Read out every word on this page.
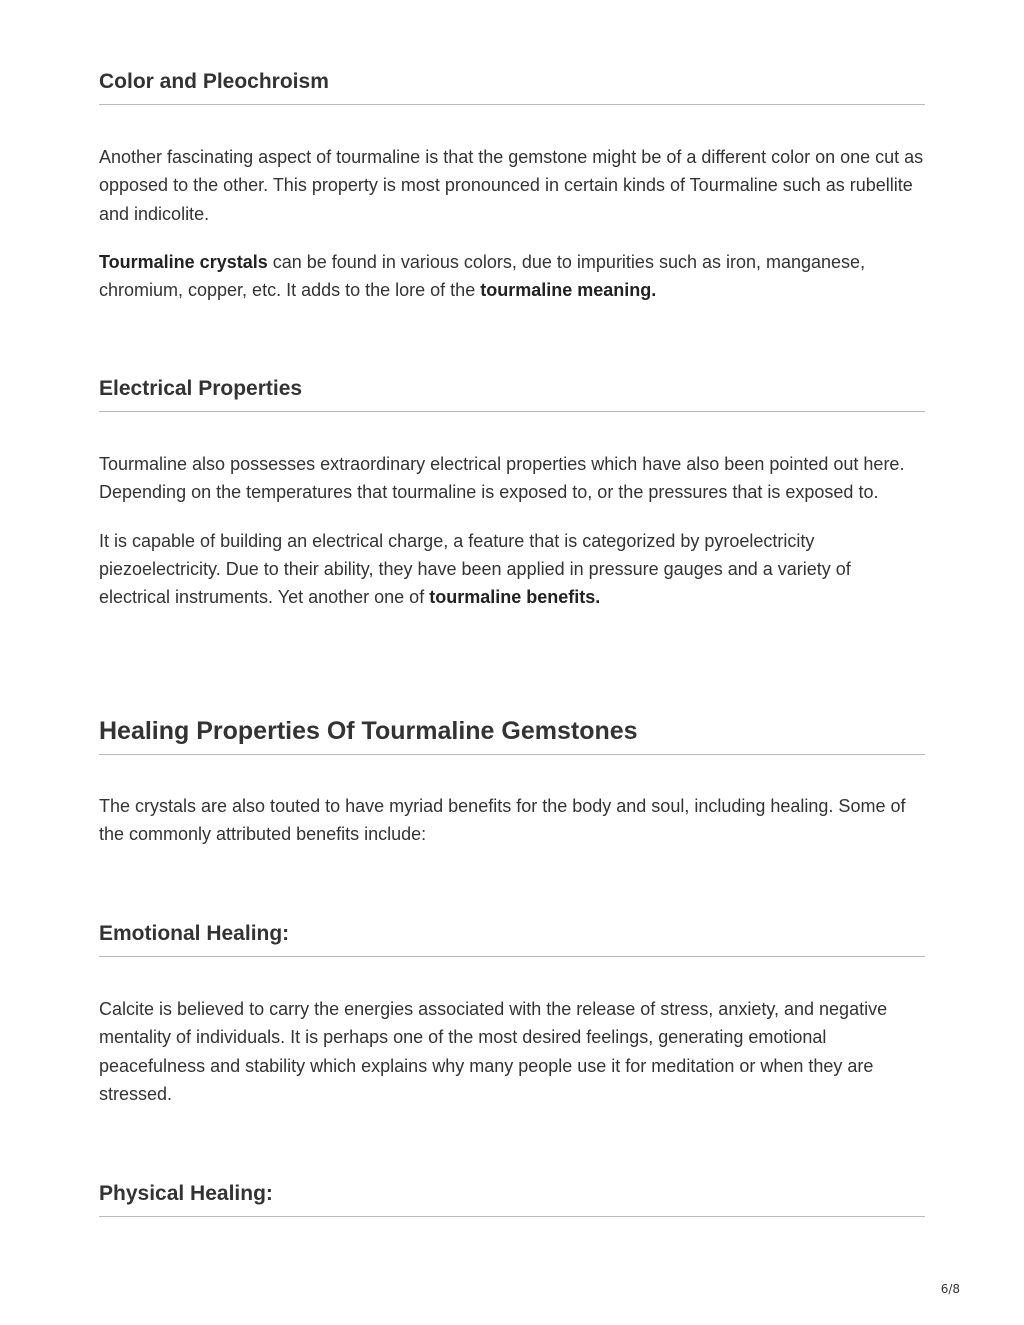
Color and Pleochroism

Another fascinating aspect of tourmaline is that the gemstone might be of a different color on one cut as opposed to the other. This property is most pronounced in certain kinds of Tourmaline such as rubellite and indicolite.

Tourmaline crystals can be found in various colors, due to impurities such as iron, manganese, chromium, copper, etc. It adds to the lore of the tourmaline meaning.

Electrical Properties

Tourmaline also possesses extraordinary electrical properties which have also been pointed out here. Depending on the temperatures that tourmaline is exposed to, or the pressures that is exposed to.

It is capable of building an electrical charge, a feature that is categorized by pyroelectricity piezoelectricity. Due to their ability, they have been applied in pressure gauges and a variety of electrical instruments. Yet another one of tourmaline benefits.

Healing Properties Of Tourmaline Gemstones

The crystals are also touted to have myriad benefits for the body and soul, including healing. Some of the commonly attributed benefits include:

Emotional Healing:

Calcite is believed to carry the energies associated with the release of stress, anxiety, and negative mentality of individuals. It is perhaps one of the most desired feelings, generating emotional peacefulness and stability which explains why many people use it for meditation or when they are stressed.

Physical Healing:
6/8
